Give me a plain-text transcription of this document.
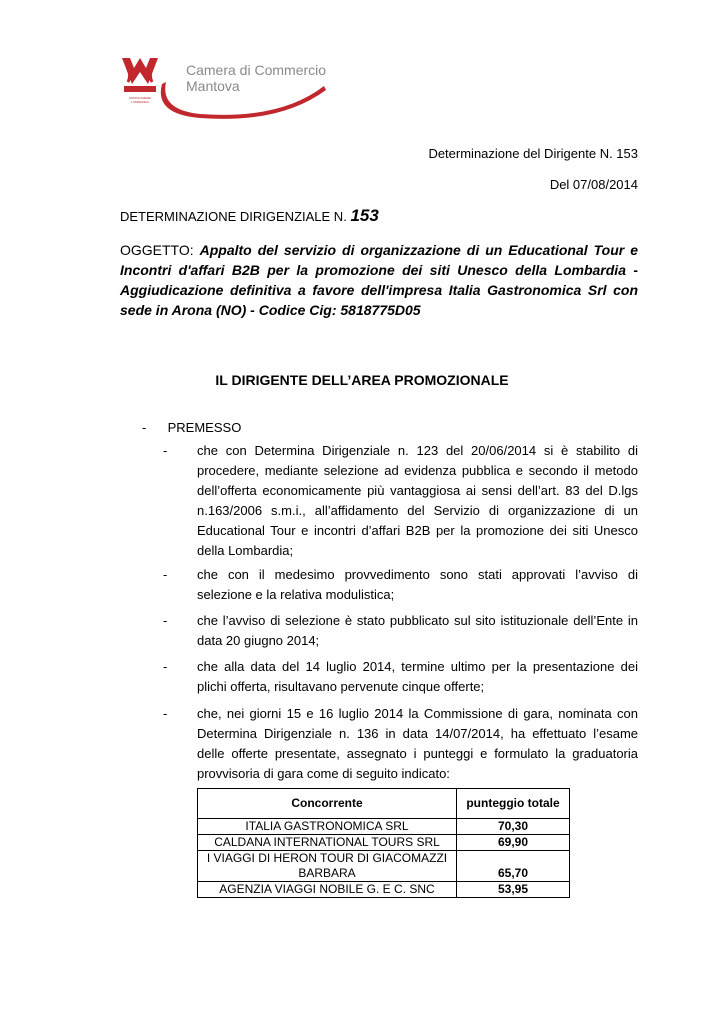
UNIONCAMERE LOMBARDIA
Camera di Commercio
Mantova
Determinazione del Dirigente N. 153
Del 07/08/2014
DETERMINAZIONE DIRIGENZIALE N. 153
OGGETTO: Appalto del servizio di organizzazione di un Educational Tour e Incontri d'affari B2B per la promozione dei siti Unesco della Lombardia - Aggiudicazione definitiva a favore dell'impresa Italia Gastronomica Srl con sede in Arona (NO) - Codice Cig: 5818775D05
IL DIRIGENTE DELL’AREA PROMOZIONALE
- PREMESSO
- che con Determina Dirigenziale n. 123 del 20/06/2014 si è stabilito di procedere, mediante selezione ad evidenza pubblica e secondo il metodo dell’offerta economicamente più vantaggiosa ai sensi dell’art. 83 del D.lgs n.163/2006 s.m.i., all’affidamento del Servizio di organizzazione di un Educational Tour e incontri d’affari B2B per la promozione dei siti Unesco della Lombardia;
- che con il medesimo provvedimento sono stati approvati l’avviso di selezione e la relativa modulistica;
- che l’avviso di selezione è stato pubblicato sul sito istituzionale dell’Ente in data 20 giugno 2014;
- che alla data del 14 luglio 2014, termine ultimo per la presentazione dei plichi offerta, risultavano pervenute cinque offerte;
- che, nei giorni 15 e 16 luglio 2014 la Commissione di gara, nominata con Determina Dirigenziale n. 136 in data 14/07/2014, ha effettuato l’esame delle offerte presentate, assegnato i punteggi e formulato la graduatoria provvisoria di gara come di seguito indicato:
Concorrente	punteggio totale
ITALIA GASTRONOMICA SRL	70,30
CALDANA INTERNATIONAL TOURS SRL	69,90
I VIAGGI DI HERON TOUR DI GIACOMAZZI BARBARA	65,70
AGENZIA VIAGGI NOBILE G. E C. SNC	53,95
